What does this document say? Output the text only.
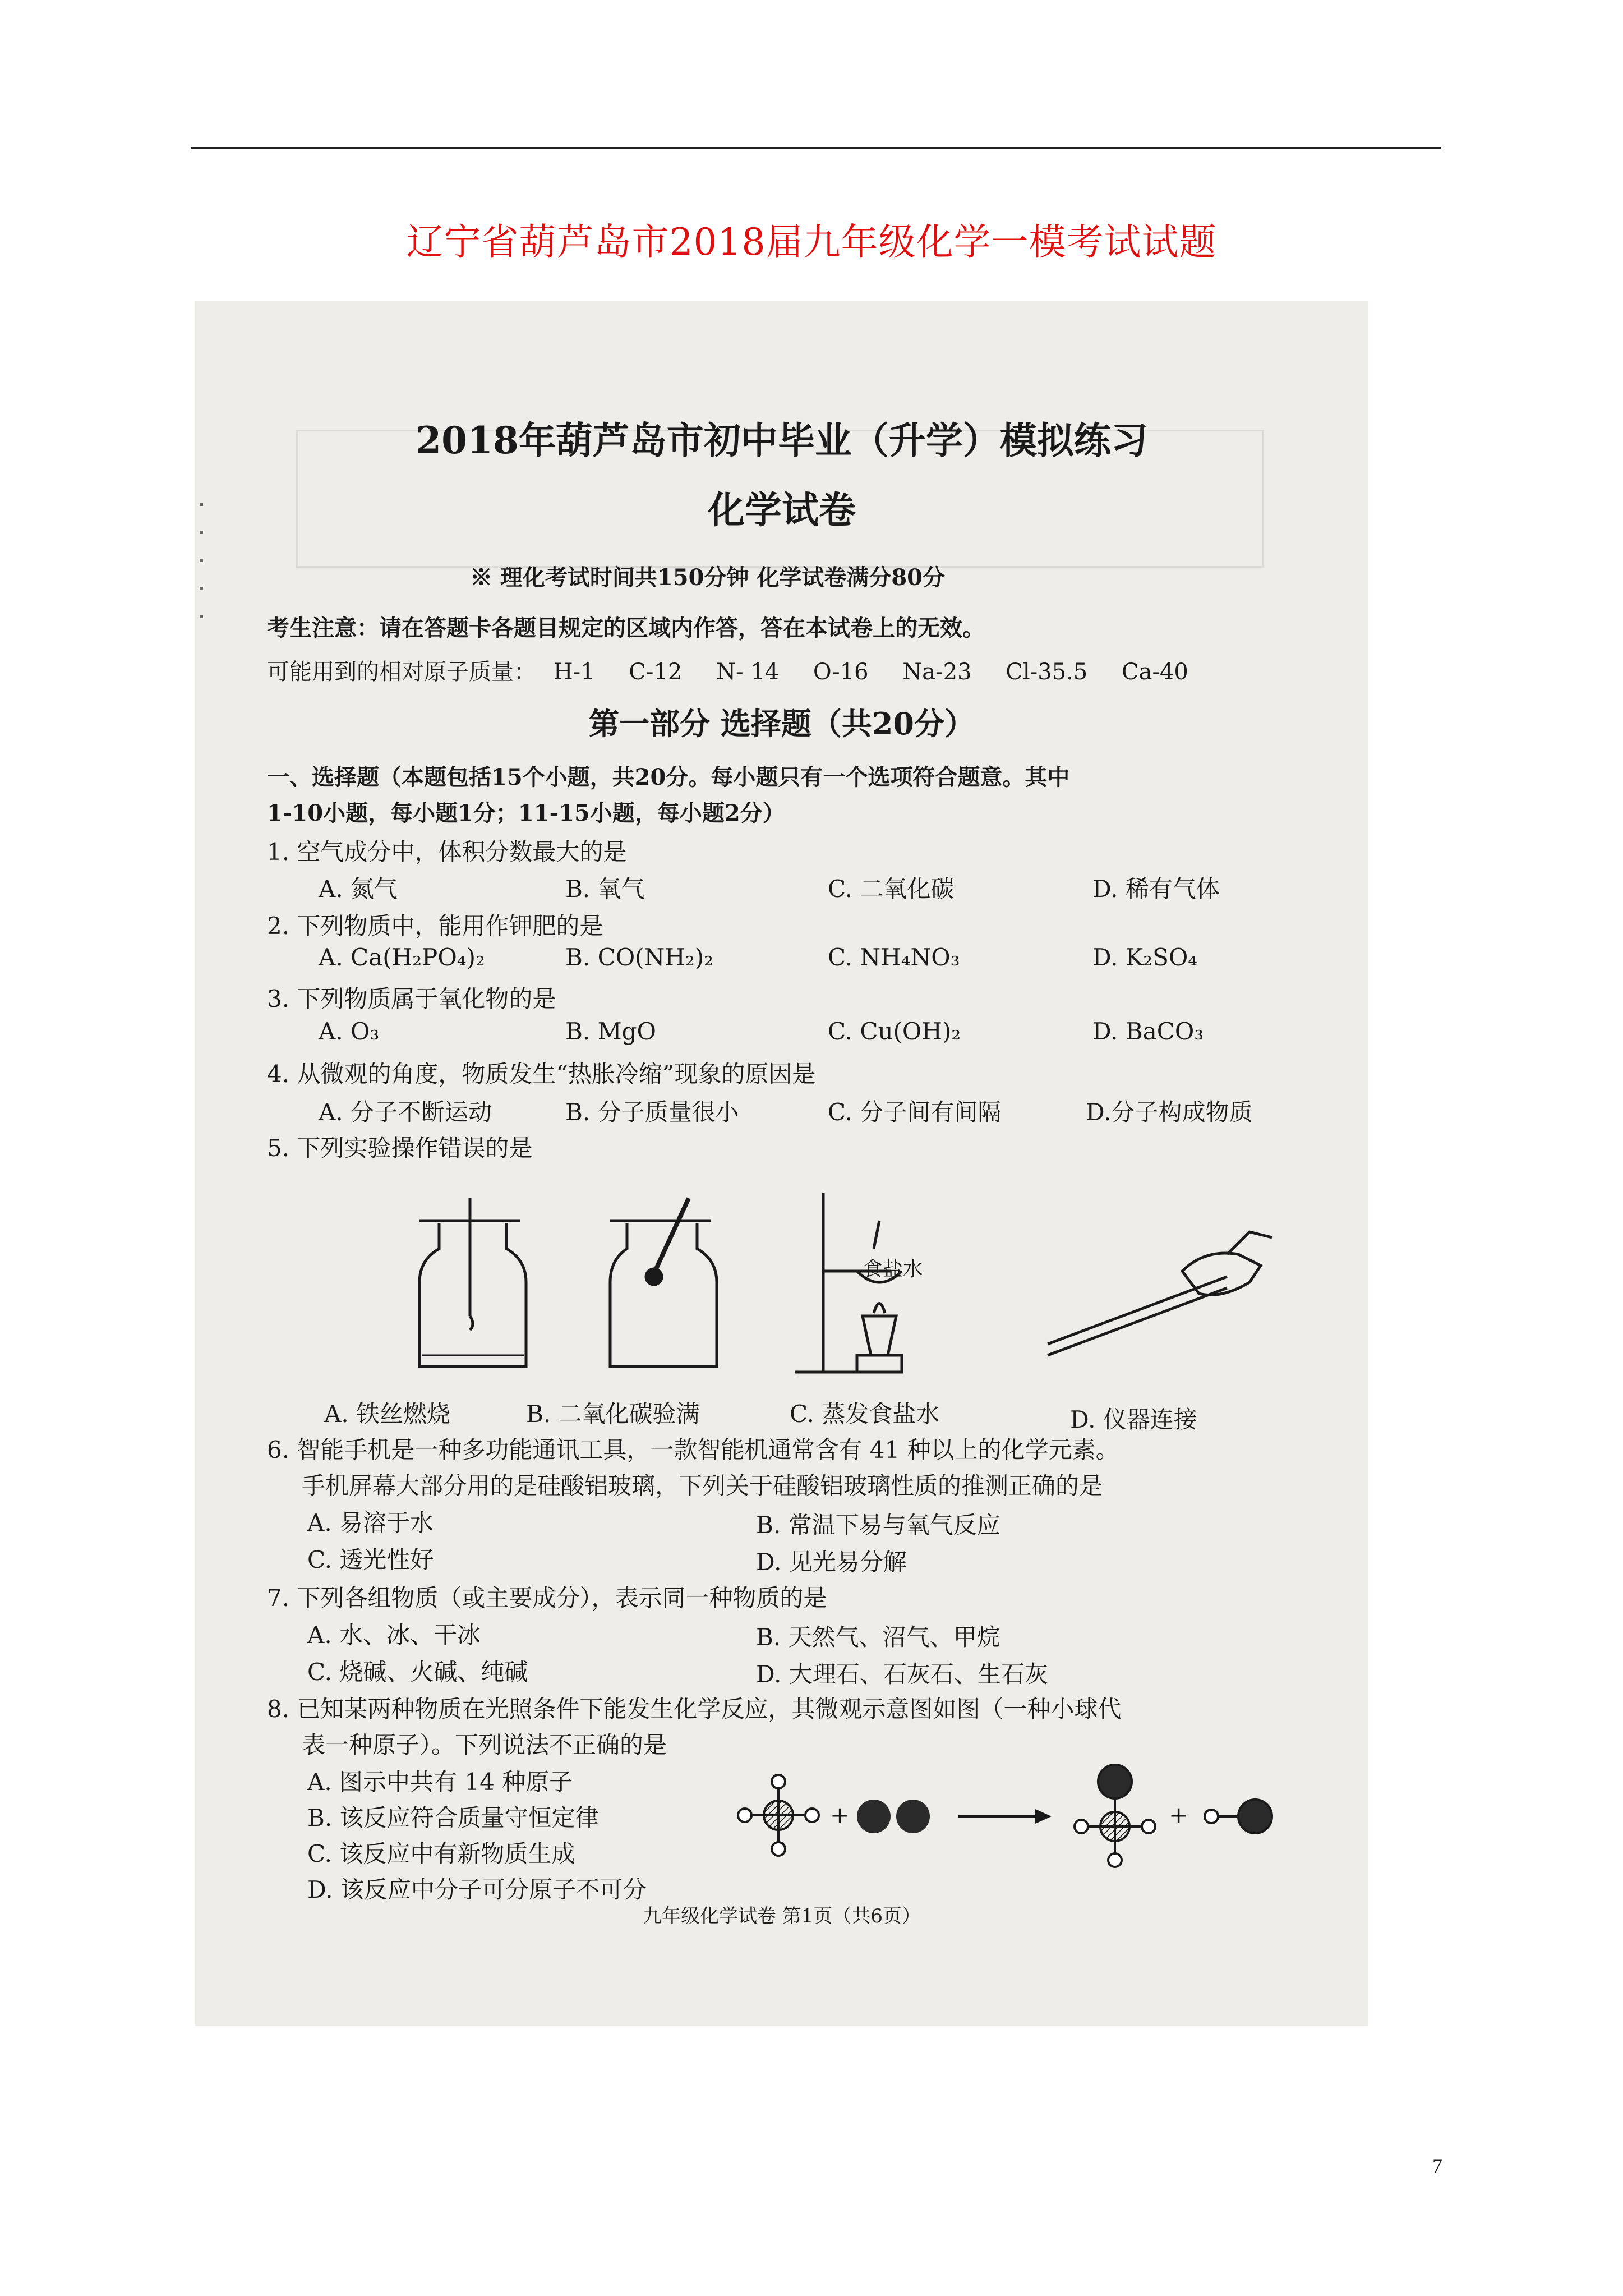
辽宁省葫芦岛市2018届九年级化学一模考试试题
2018年葫芦岛市初中毕业（升学）模拟练习
化学试卷
※ 理化考试时间共150分钟 化学试卷满分80分
考生注意：请在答题卡各题目规定的区域内作答，答在本试卷上的无效。
可能用到的相对原子质量： H-1 C-12 N- 14 O-16 Na-23 Cl-35.5 Ca-40
第一部分 选择题（共20分）
一、选择题（本题包括15个小题，共20分。每小题只有一个选项符合题意。其中
1-10小题，每小题1分；11-15小题，每小题2分）
1. 空气成分中，体积分数最大的是
A. 氮气	B. 氧气	C. 二氧化碳	D. 稀有气体
2. 下列物质中，能用作钾肥的是
A. Ca(H₂PO₄)₂	B. CO(NH₂)₂	C. NH₄NO₃	D. K₂SO₄
3. 下列物质属于氧化物的是
A. O₃	B. MgO	C. Cu(OH)₂	D. BaCO₃
4. 从微观的角度，物质发生“热胀冷缩”现象的原因是
A. 分子不断运动	B. 分子质量很小	C. 分子间有间隔	D.分子构成物质
5. 下列实验操作错误的是
食盐水
A. 铁丝燃烧	B. 二氧化碳验满	C. 蒸发食盐水	D. 仪器连接
6. 智能手机是一种多功能通讯工具，一款智能机通常含有 41 种以上的化学元素。
手机屏幕大部分用的是硅酸铝玻璃，下列关于硅酸铝玻璃性质的推测正确的是
A. 易溶于水	B. 常温下易与氧气反应
C. 透光性好	D. 见光易分解
7. 下列各组物质（或主要成分），表示同一种物质的是
A. 水、冰、干冰	B. 天然气、沼气、甲烷
C. 烧碱、火碱、纯碱	D. 大理石、石灰石、生石灰
8. 已知某两种物质在光照条件下能发生化学反应，其微观示意图如图（一种小球代
表一种原子）。下列说法不正确的是
A. 图示中共有 14 种原子
B. 该反应符合质量守恒定律
C. 该反应中有新物质生成
D. 该反应中分子可分原子不可分
+	+
九年级化学试卷 第1页（共6页）
7
